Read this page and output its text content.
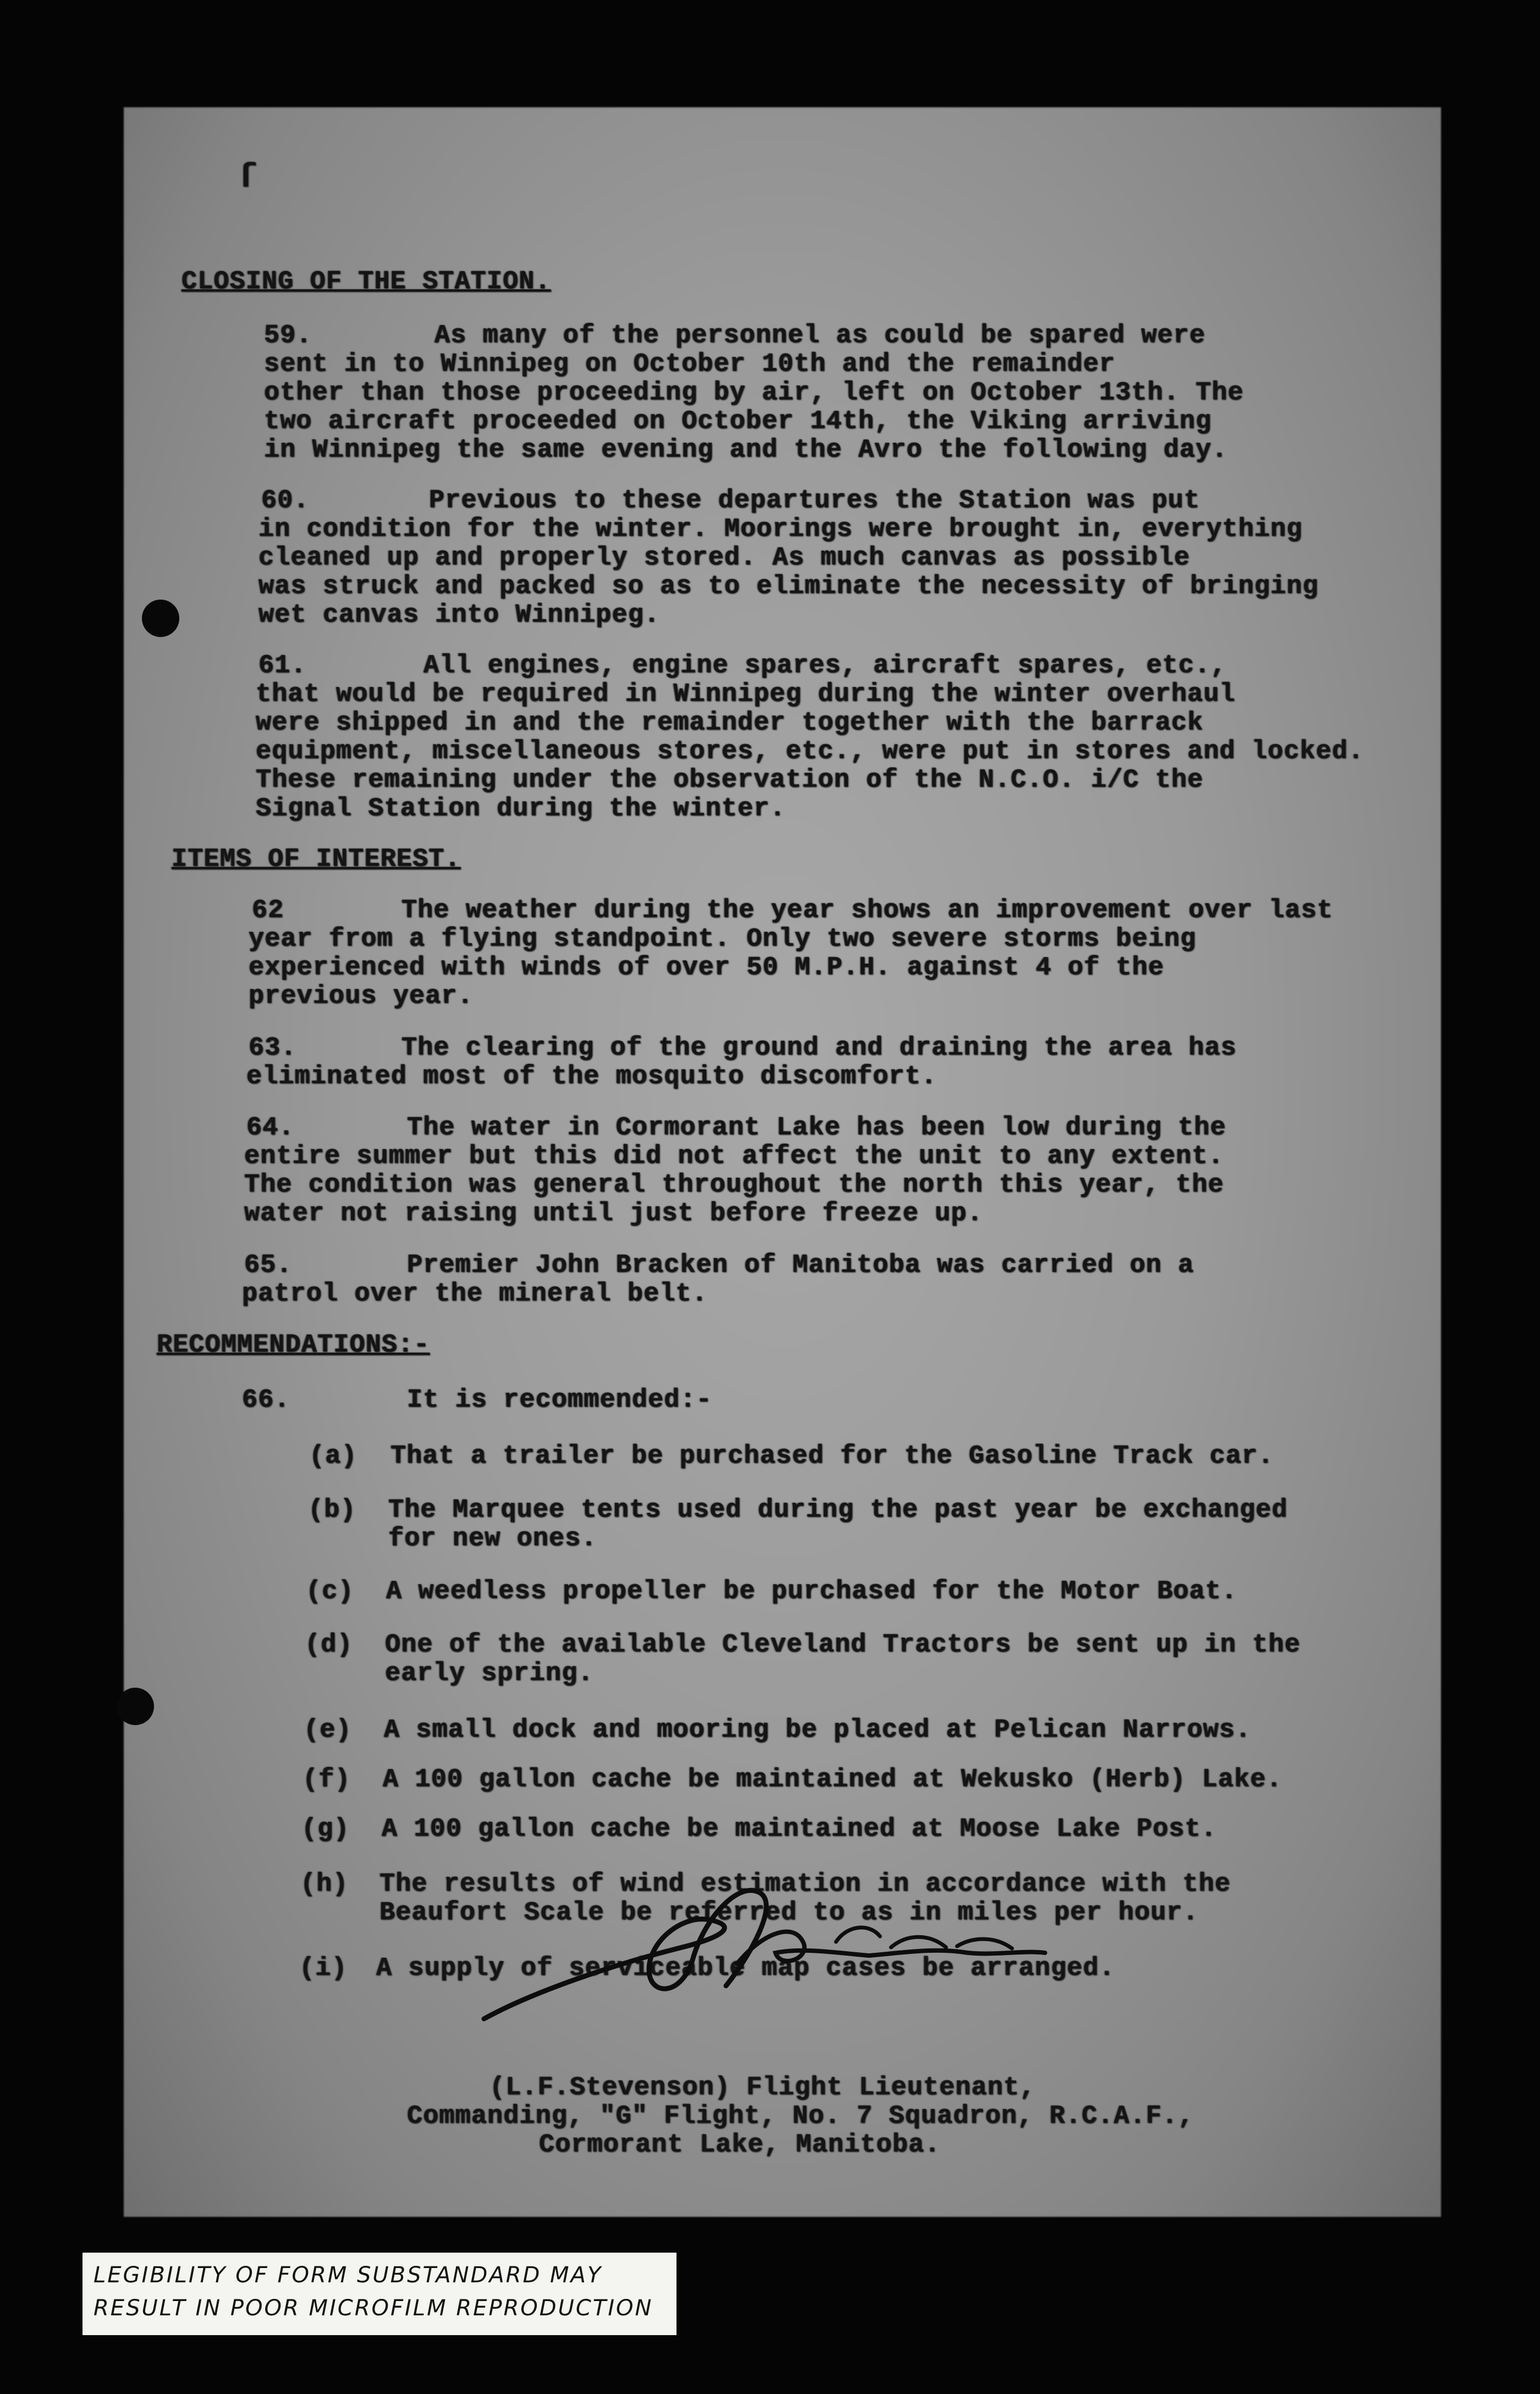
ſ
CLOSING OF THE STATION.
59.	As many of the personnel as could be spared were
sent in to Winnipeg on October 10th and the remainder
other than those proceeding by air, left on October 13th. The
two aircraft proceeded on October 14th, the Viking arriving
in Winnipeg the same evening and the Avro the following day.
60.	Previous to these departures the Station was put
in condition for the winter. Moorings were brought in, everything
cleaned up and properly stored. As much canvas as possible
was struck and packed so as to eliminate the necessity of bringing
wet canvas into Winnipeg.
61.	All engines, engine spares, aircraft spares, etc.,
that would be required in Winnipeg during the winter overhaul
were shipped in and the remainder together with the barrack
equipment, miscellaneous stores, etc., were put in stores and locked.
These remaining under the observation of the N.C.O. i/C the
Signal Station during the winter.
ITEMS OF INTEREST.
62	The weather during the year shows an improvement over last
year from a flying standpoint. Only two severe storms being
experienced with winds of over 50 M.P.H. against 4 of the
previous year.
63.	The clearing of the ground and draining the area has
eliminated most of the mosquito discomfort.
64.	The water in Cormorant Lake has been low during the
entire summer but this did not affect the unit to any extent.
The condition was general throughout the north this year, the
water not raising until just before freeze up.
65.	Premier John Bracken of Manitoba was carried on a
patrol over the mineral belt.
RECOMMENDATIONS:-
66.	It is recommended:-
(a) That a trailer be purchased for the Gasoline Track car.
(b) The Marquee tents used during the past year be exchanged
for new ones.
(c) A weedless propeller be purchased for the Motor Boat.
(d) One of the available Cleveland Tractors be sent up in the
early spring.
(e) A small dock and mooring be placed at Pelican Narrows.
(f) A 100 gallon cache be maintained at Wekusko (Herb) Lake.
(g) A 100 gallon cache be maintained at Moose Lake Post.
(h) The results of wind estimation in accordance with the
Beaufort Scale be referred to as in miles per hour.
(i) A supply of serviceable map cases be arranged.
(L.F.Stevenson) Flight Lieutenant,
Commanding, "G" Flight, No. 7 Squadron, R.C.A.F.,
Cormorant Lake, Manitoba.
LEGIBILITY OF FORM SUBSTANDARD MAY
RESULT IN POOR MICROFILM REPRODUCTION
